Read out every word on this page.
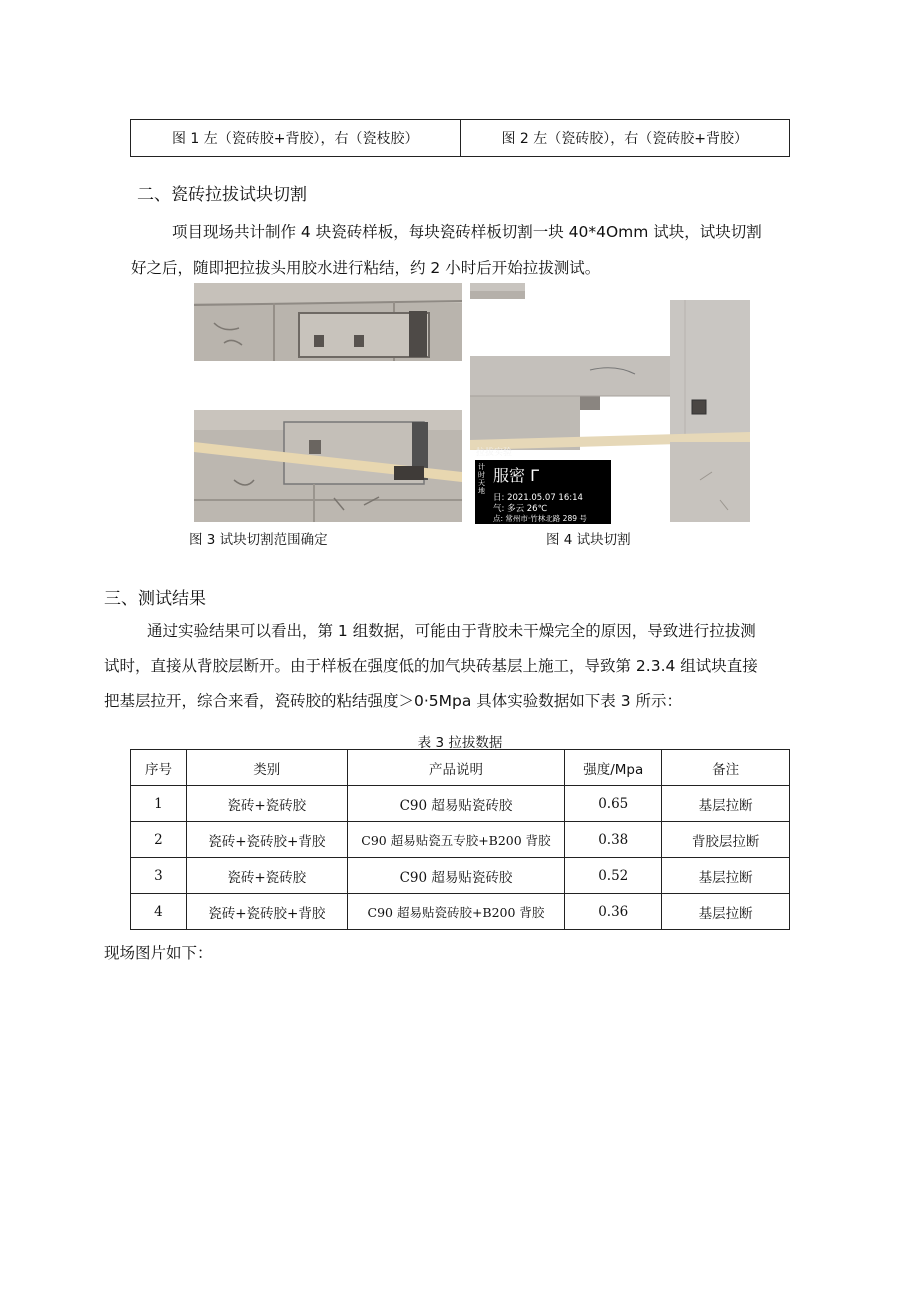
图 1 左（瓷砖胶+背胶），右（瓷枝胶）	图 2 左（瓷砖胶），右（瓷砖胶+背胶）
二、瓷砖拉拔试块切割
项目现场共计制作 4 块瓷砖样板，每块瓷砖样板切割一块 40*4Omm 试块，试块切割
好之后，随即把拉拔头用胶水进行粘结，约 2 小时后开始拉拔测试。
计时天地
服密 Γ
日: 2021.05.07 16:14
气: 多云 26℃
点: 常州市·竹林北路 289 号
拉拔实验
图 3 试块切割范围确定	图 4 试块切割
三、测试结果
通过实验结果可以看出，第 1 组数据，可能由于背胶未干燥完全的原因，导致进行拉拔测
试时，直接从背胶层断开。由于样板在强度低的加气块砖基层上施工，导致第 2.3.4 组试块直接
把基层拉开，综合来看，瓷砖胶的粘结强度＞0·5Mpa 具体实验数据如下表 3 所示：
表 3 拉拔数据
序号	类别	产品说明	强度/Mpa	备注
1	瓷砖+瓷砖胶	C90 超易贴瓷砖胶	0.65	基层拉断
2	瓷砖+瓷砖胶+背胶	C90 超易贴瓷五专胶+B200 背胶	0.38	背胶层拉断
3	瓷砖+瓷砖胶	C90 超易贴瓷砖胶	0.52	基层拉断
4	瓷砖+瓷砖胶+背胶	C90 超易贴瓷砖胶+B200 背胶	0.36	基层拉断
现场图片如下：
